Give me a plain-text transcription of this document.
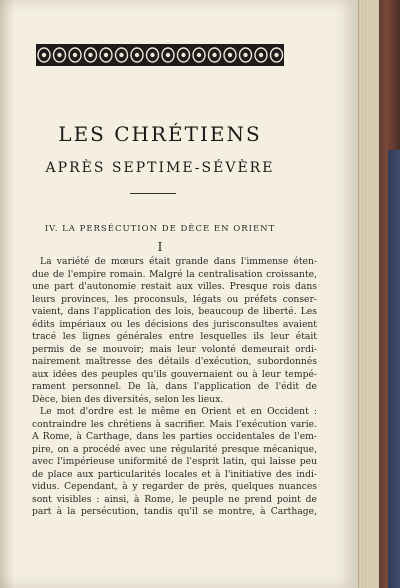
LES CHRÉTIENS
APRÈS SEPTIME-SÉVÈRE
IV. LA PERSÉCUTION DE DÈCE EN ORIENT
I
La variété de mœurs était grande dans l'immense éten-
due de l'empire romain. Malgré la centralisation croissante,
une part d'autonomie restait aux villes. Presque rois dans
leurs provinces, les proconsuls, légats ou préfets conser-
vaient, dans l'application des lois, beaucoup de liberté. Les
édits impériaux ou les décisions des jurisconsultes avaient
tracé les lignes générales entre lesquelles ils leur était
permis de se mouvoir; mais leur volonté demeurait ordi-
nairement maîtresse des détails d'exécution, subordonnés
aux idées des peuples qu'ils gouvernaient ou à leur tempé-
rament personnel. De là, dans l'application de l'édit de
Dèce, bien des diversités, selon les lieux.
Le mot d'ordre est le même en Orient et en Occident :
contraindre les chrétiens à sacrifier. Mais l'exécution varie.
A Rome, à Carthage, dans les parties occidentales de l'em-
pire, on a procédé avec une régularité presque mécanique,
avec l'impérieuse uniformité de l'esprit latin, qui laisse peu
de place aux particularités locales et à l'initiative des indi-
vidus. Cependant, à y regarder de près, quelques nuances
sont visibles : ainsi, à Rome, le peuple ne prend point de
part à la persécution, tandis qu'il se montre, à Carthage,
